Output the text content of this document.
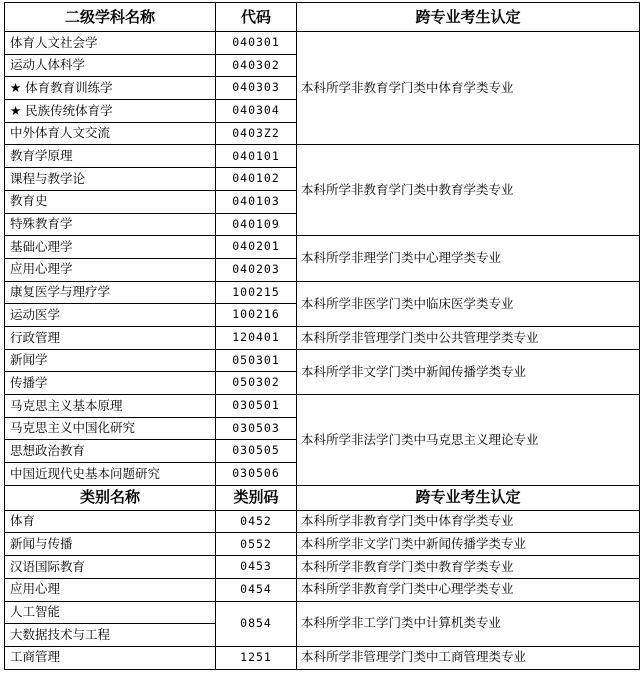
二级学科名称	代码	跨专业考生认定
体育人文社会学	040301	本科所学非教育学门类中体育学类专业
运动人体科学	040302	
★ 体育教育训练学	040303	
★ 民族传统体育学	040304	
中外体育人文交流	0403Z2	
教育学原理	040101	本科所学非教育学门类中教育学类专业
课程与教学论	040102	
教育史	040103	
特殊教育学	040109	
基础心理学	040201	本科所学非理学门类中心理学类专业
应用心理学	040203	
康复医学与理疗学	100215	本科所学非医学门类中临床医学类专业
运动医学	100216	
行政管理	120401	本科所学非管理学门类中公共管理学类专业
新闻学	050301	本科所学非文学门类中新闻传播学类专业
传播学	050302	
马克思主义基本原理	030501	本科所学非法学门类中马克思主义理论专业
马克思主义中国化研究	030503	
思想政治教育	030505	
中国近现代史基本问题研究	030506	
类别名称	类别码	跨专业考生认定
体育	0452	本科所学非教育学门类中体育学类专业
新闻与传播	0552	本科所学非文学门类中新闻传播学类专业
汉语国际教育	0453	本科所学非教育学门类中教育学类专业
应用心理	0454	本科所学非教育学门类中心理学类专业
人工智能	0854	本科所学非工学门类中计算机类专业
大数据技术与工程		
工商管理	1251	本科所学非管理学门类中工商管理类专业
